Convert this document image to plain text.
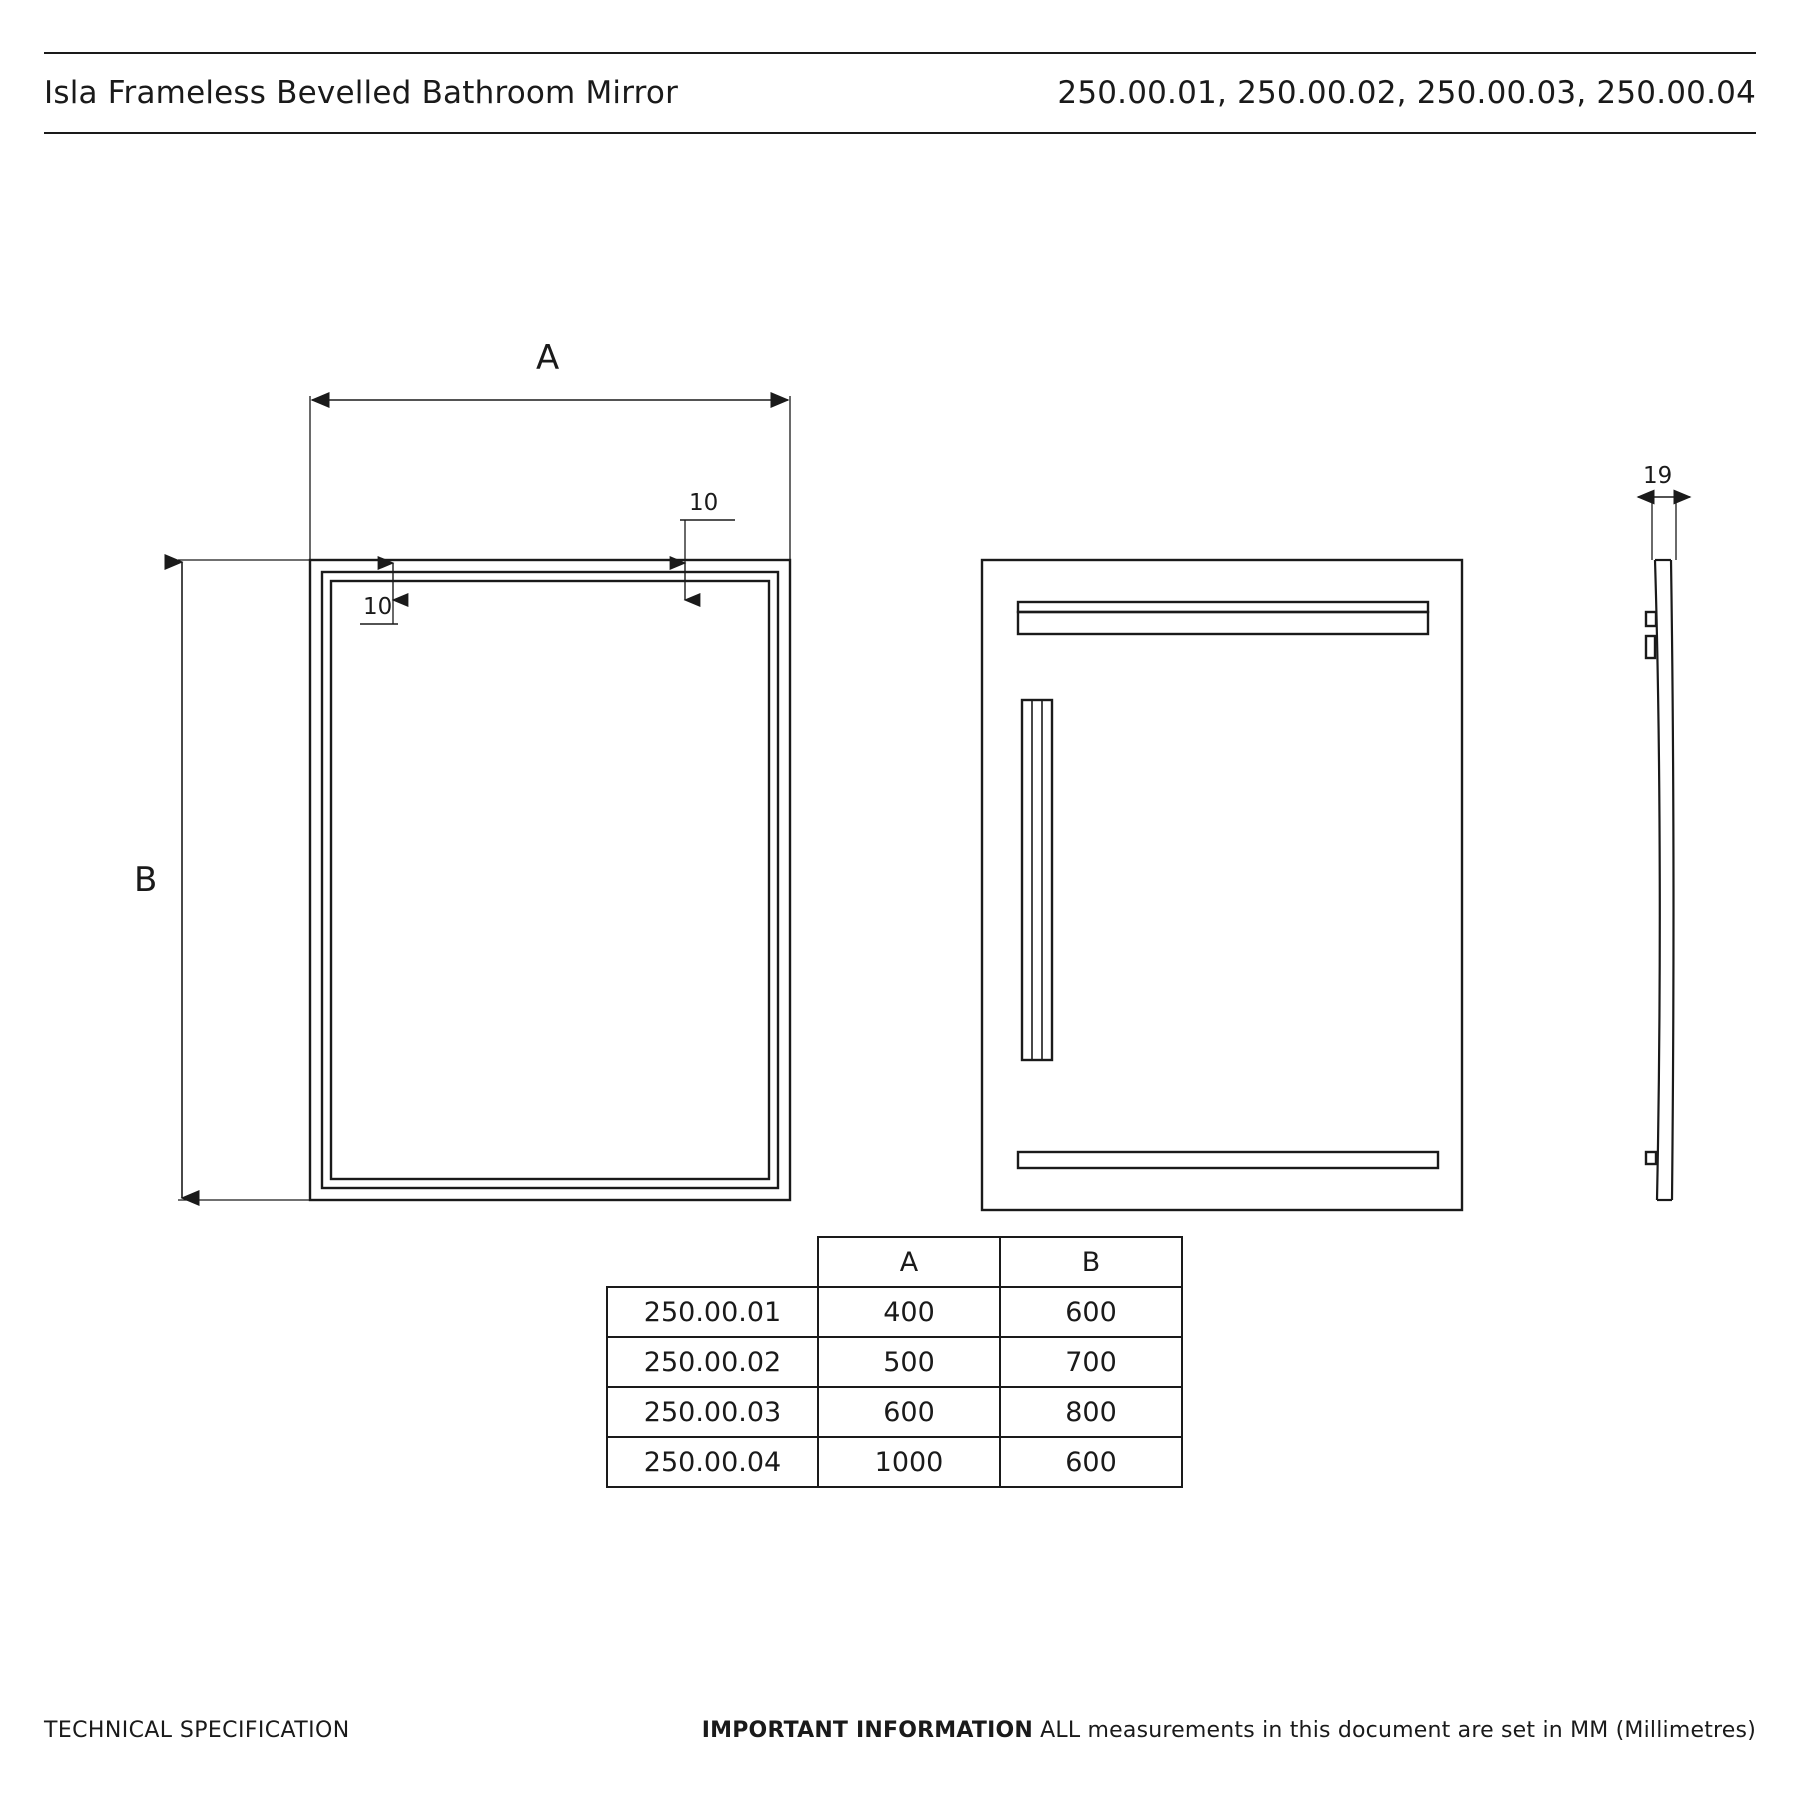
Isla Frameless Bevelled Bathroom Mirror	250.00.01, 250.00.02, 250.00.03, 250.00.04
A
B
10
10
19
	A	B
250.00.01	400	600
250.00.02	500	700
250.00.03	600	800
250.00.04	1000	600
TECHNICAL SPECIFICATION	IMPORTANT INFORMATION ALL measurements in this document are set in MM (Millimetres)
